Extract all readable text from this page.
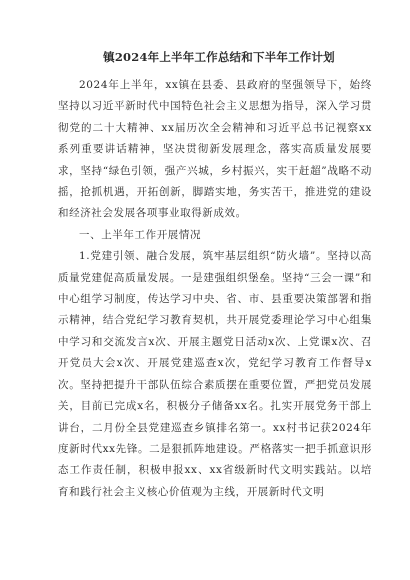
镇2024年上半年工作总结和下半年工作计划

2024年上半年，xx镇在县委、县政府的坚强领导下，始终坚持以习近平新时代中国特色社会主义思想为指导，深入学习贯彻党的二十大精神、xx届历次全会精神和习近平总书记视察xx系列重要讲话精神，坚决贯彻新发展理念，落实高质量发展要求，坚持“绿色引领，强产兴城，乡村振兴，实干赶超”战略不动摇，抢抓机遇，开拓创新，脚踏实地，务实苦干，推进党的建设和经济社会发展各项事业取得新成效。

一、上半年工作开展情况

1.党建引领、融合发展，筑牢基层组织“防火墙”。坚持以高质量党建促高质量发展。一是建强组织堡垒。坚持“三会一课”和中心组学习制度，传达学习中央、省、市、县重要决策部署和指示精神，结合党纪学习教育契机，共开展党委理论学习中心组集中学习和交流发言x次、开展主题党日活动x次、上党课x次、召开党员大会x次、开展党建巡查x次，党纪学习教育工作督导x次。坚持把提升干部队伍综合素质摆在重要位置，严把党员发展关，目前已完成x名，积极分子储备xx名。扎实开展党务干部上讲台，二月份全县党建巡查乡镇排名第一。xx村书记获2024年度新时代xx先锋。二是狠抓阵地建设。严格落实一把手抓意识形态工作责任制，积极申报xx、xx省级新时代文明实践站。以培育和践行社会主义核心价值观为主线，开展新时代文明
